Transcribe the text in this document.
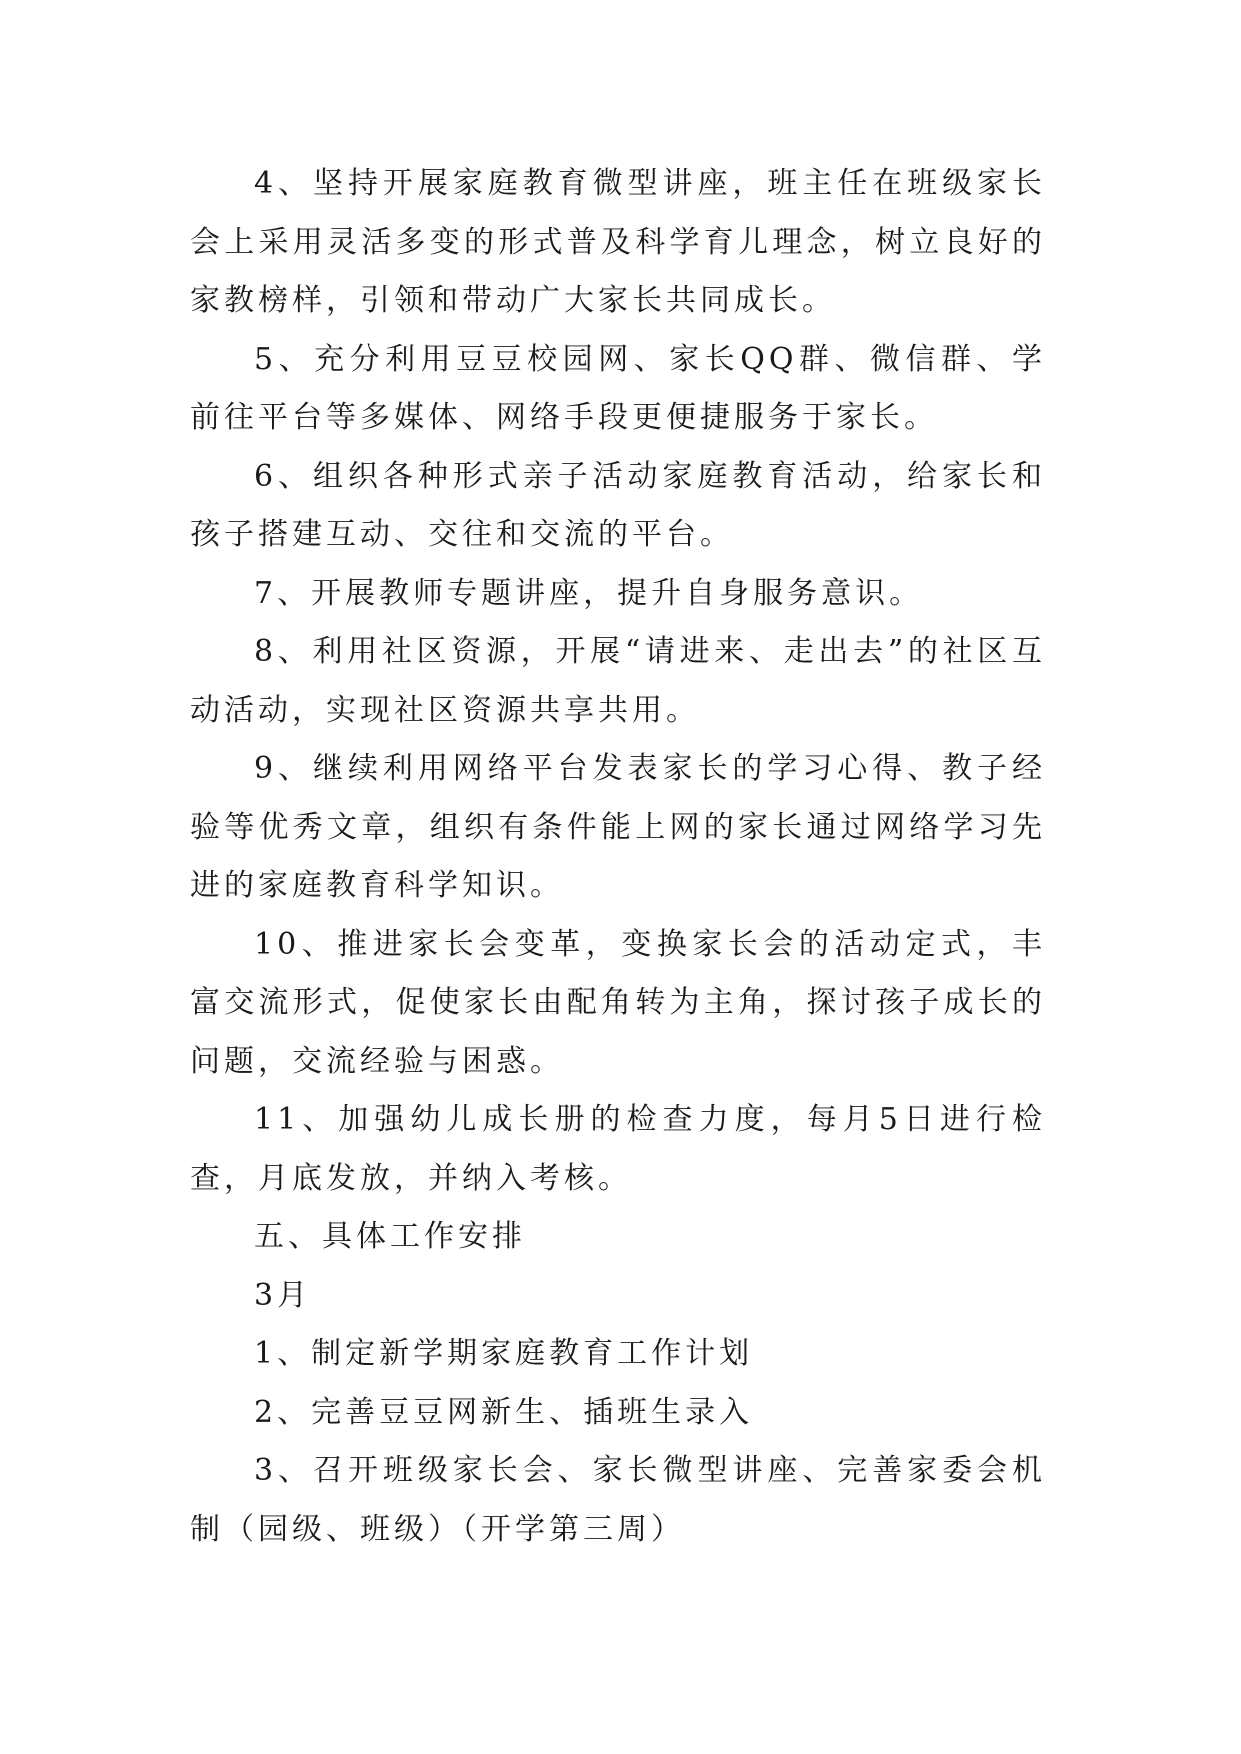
4、坚持开展家庭教育微型讲座，班主任在班级家长会上采用灵活多变的形式普及科学育儿理念，树立良好的家教榜样，引领和带动广大家长共同成长。

5、充分利用豆豆校园网、家长QQ群、微信群、学前往平台等多媒体、网络手段更便捷服务于家长。

6、组织各种形式亲子活动家庭教育活动，给家长和孩子搭建互动、交往和交流的平台。

7、开展教师专题讲座，提升自身服务意识。

8、利用社区资源，开展“请进来、走出去”的社区互动活动，实现社区资源共享共用。

9、继续利用网络平台发表家长的学习心得、教子经验等优秀文章，组织有条件能上网的家长通过网络学习先进的家庭教育科学知识。

10、推进家长会变革，变换家长会的活动定式，丰富交流形式，促使家长由配角转为主角，探讨孩子成长的问题，交流经验与困惑。

11、加强幼儿成长册的检查力度，每月5日进行检查，月底发放，并纳入考核。

五、具体工作安排

3月

1、制定新学期家庭教育工作计划

2、完善豆豆网新生、插班生录入

3、召开班级家长会、家长微型讲座、完善家委会机制（园级、班级）（开学第三周）
